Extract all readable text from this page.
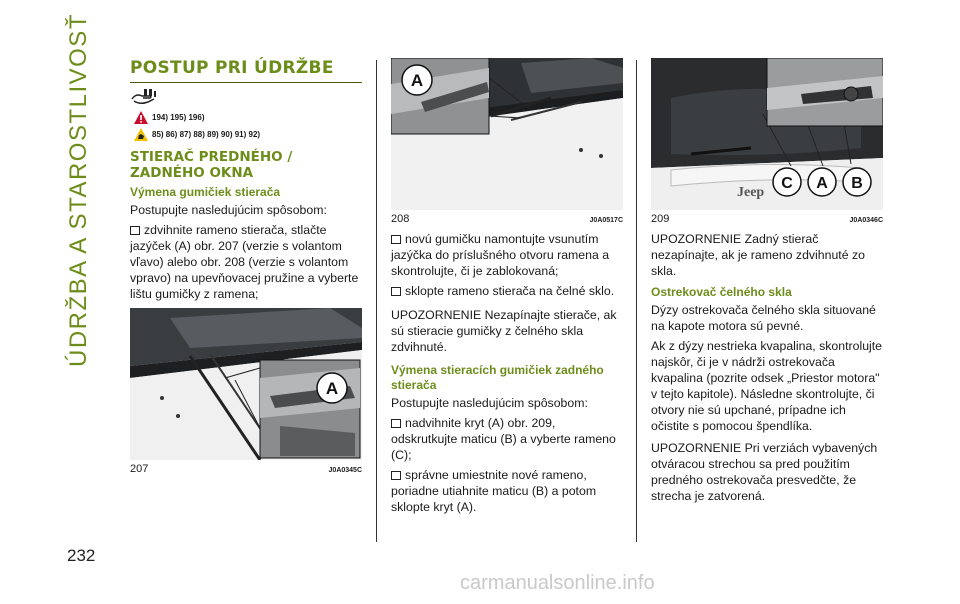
ÚDRŽBA A STAROSTLIVOSŤ POSTUP PRI ÚDRŽBE
194) 195) 196)
85) 86) 87) 88) 89) 90) 91) 92)
STIERAČ PREDNÉHO / ZADNÉHO OKNA
Výmena gumičiek stierača

Postupujte nasledujúcim spôsobom:

zdvihnite rameno stierača, stlačte jazýček (A) obr. 207 (verzie s volantom vľavo) alebo obr. 208 (verzie s volantom vpravo) na upevňovacej pružine a vyberte lištu gumičky z ramena;

A
207	J0A0345C
A
208	J0A0517C

novú gumičku namontujte vsunutím jazýčka do príslušného otvoru ramena a skontrolujte, či je zablokovaná;

sklopte rameno stierača na čelné sklo.

UPOZORNENIE Nezapínajte stierače, ak sú stieracie gumičky z čelného skla zdvihnuté.

Výmena stieracích gumičiek zadného stierača

Postupujte nasledujúcim spôsobom:

nadvihnite kryt (A) obr. 209, odskrutkujte maticu (B) a vyberte rameno (C);

správne umiestnite nové rameno, poriadne utiahnite maticu (B) a potom sklopte kryt (A).

Jeep
C A B
209	J0A0346C

UPOZORNENIE Zadný stierač nezapínajte, ak je rameno zdvihnuté zo skla.

Ostrekovač čelného skla

Dýzy ostrekovača čelného skla situované na kapote motora sú pevné.

Ak z dýzy nestrieka kvapalina, skontrolujte najskôr, či je v nádrži ostrekovača kvapalina (pozrite odsek „Priestor motora" v tejto kapitole). Následne skontrolujte, či otvory nie sú upchané, prípadne ich očistite s pomocou špendlíka.

UPOZORNENIE Pri verziách vybavených otváracou strechou sa pred použitím predného ostrekovača presvedčte, že strecha je zatvorená.

232
carmanualsonline.info
